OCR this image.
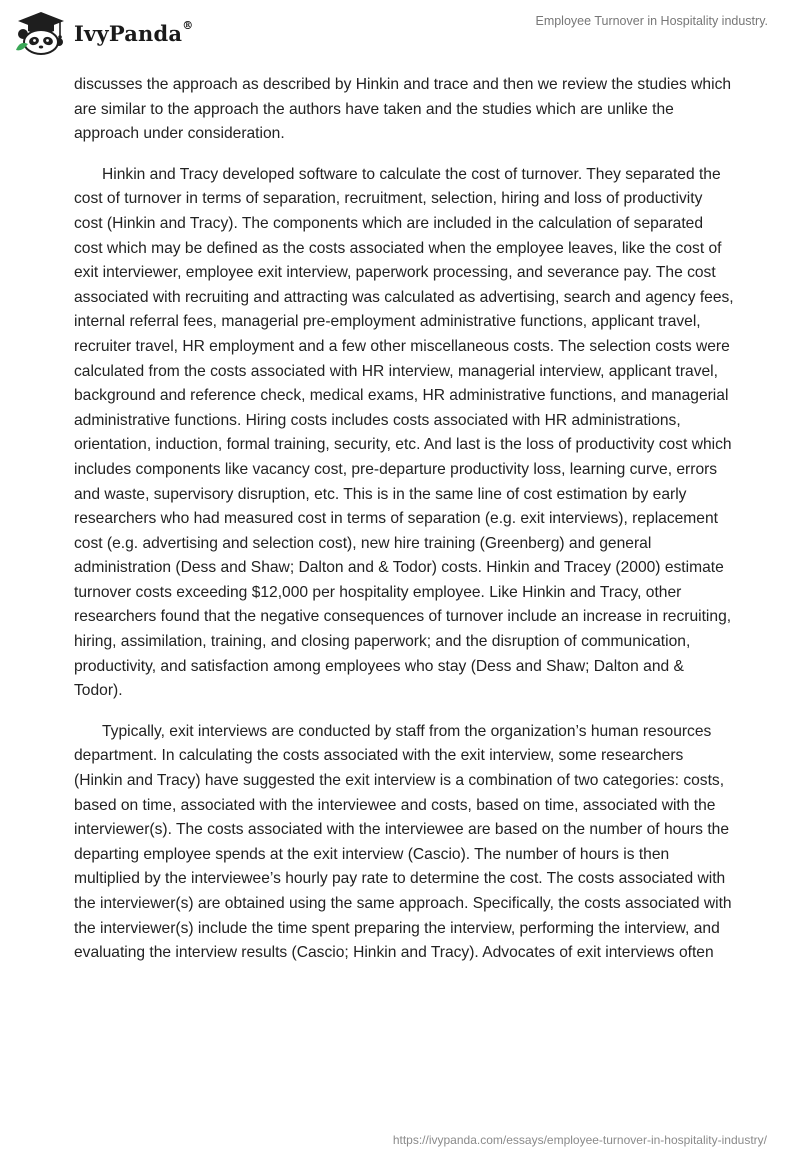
IvyPanda®	Employee Turnover in Hospitality industry.

discusses the approach as described by Hinkin and trace and then we review the studies which are similar to the approach the authors have taken and the studies which are unlike the approach under consideration.

Hinkin and Tracy developed software to calculate the cost of turnover. They separated the cost of turnover in terms of separation, recruitment, selection, hiring and loss of productivity cost (Hinkin and Tracy). The components which are included in the calculation of separated cost which may be defined as the costs associated when the employee leaves, like the cost of exit interviewer, employee exit interview, paperwork processing, and severance pay. The cost associated with recruiting and attracting was calculated as advertising, search and agency fees, internal referral fees, managerial pre-employment administrative functions, applicant travel, recruiter travel, HR employment and a few other miscellaneous costs. The selection costs were calculated from the costs associated with HR interview, managerial interview, applicant travel, background and reference check, medical exams, HR administrative functions, and managerial administrative functions. Hiring costs includes costs associated with HR administrations, orientation, induction, formal training, security, etc. And last is the loss of productivity cost which includes components like vacancy cost, pre-departure productivity loss, learning curve, errors and waste, supervisory disruption, etc. This is in the same line of cost estimation by early researchers who had measured cost in terms of separation (e.g. exit interviews), replacement cost (e.g. advertising and selection cost), new hire training (Greenberg) and general administration (Dess and Shaw; Dalton and & Todor) costs. Hinkin and Tracey (2000) estimate turnover costs exceeding $12,000 per hospitality employee. Like Hinkin and Tracy, other researchers found that the negative consequences of turnover include an increase in recruiting, hiring, assimilation, training, and closing paperwork; and the disruption of communication, productivity, and satisfaction among employees who stay (Dess and Shaw; Dalton and & Todor).

Typically, exit interviews are conducted by staff from the organization’s human resources department. In calculating the costs associated with the exit interview, some researchers (Hinkin and Tracy) have suggested the exit interview is a combination of two categories: costs, based on time, associated with the interviewee and costs, based on time, associated with the interviewer(s). The costs associated with the interviewee are based on the number of hours the departing employee spends at the exit interview (Cascio). The number of hours is then multiplied by the interviewee’s hourly pay rate to determine the cost. The costs associated with the interviewer(s) are obtained using the same approach. Specifically, the costs associated with the interviewer(s) include the time spent preparing the interview, performing the interview, and evaluating the interview results (Cascio; Hinkin and Tracy). Advocates of exit interviews often

https://ivypanda.com/essays/employee-turnover-in-hospitality-industry/
